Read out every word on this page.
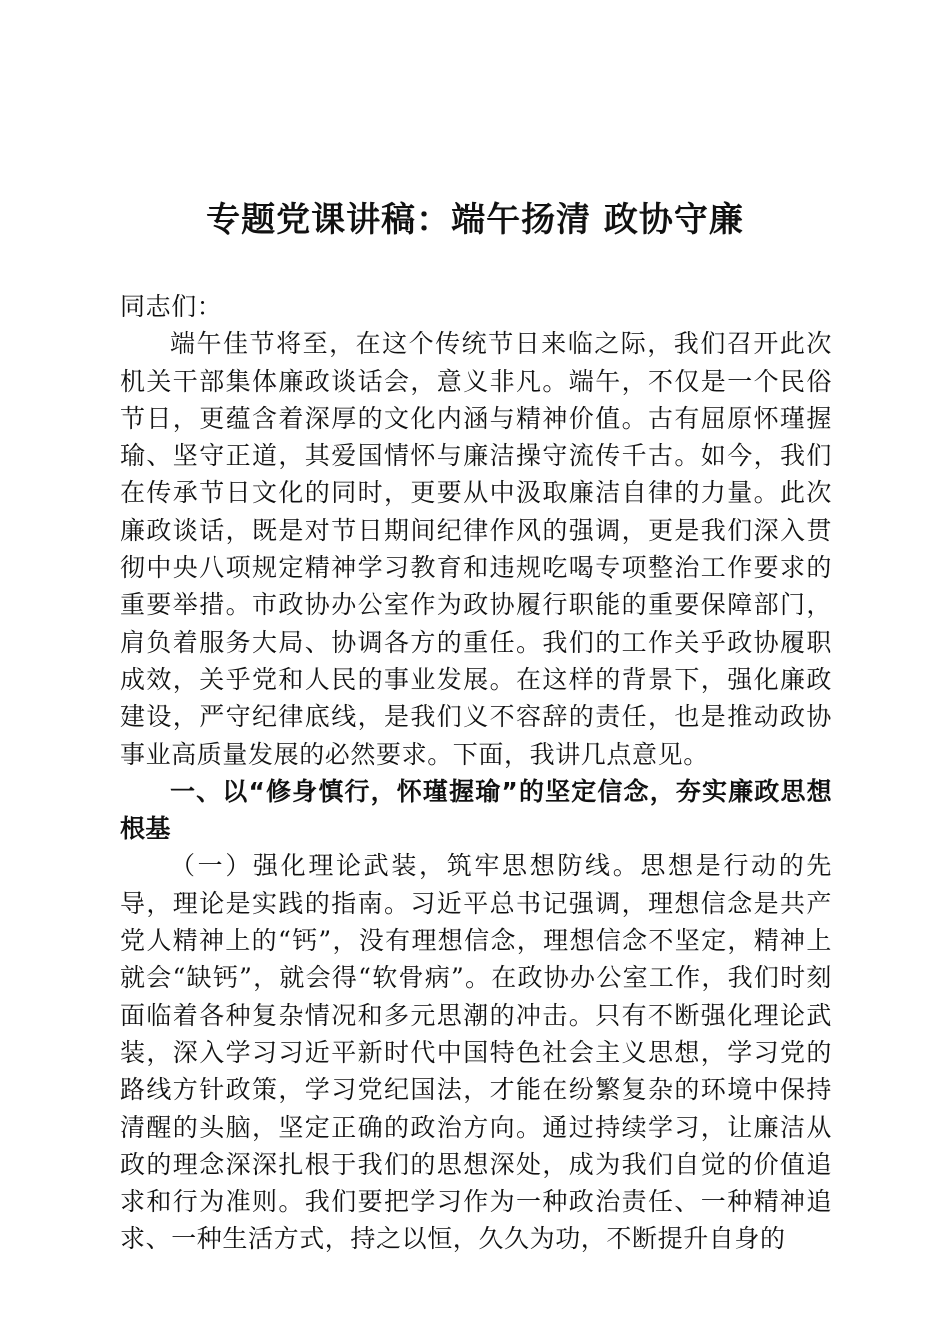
专题党课讲稿：端午扬清 政协守廉

同志们：

端午佳节将至，在这个传统节日来临之际，我们召开此次机关干部集体廉政谈话会，意义非凡。端午，不仅是一个民俗节日，更蕴含着深厚的文化内涵与精神价值。古有屈原怀瑾握瑜、坚守正道，其爱国情怀与廉洁操守流传千古。如今，我们在传承节日文化的同时，更要从中汲取廉洁自律的力量。此次廉政谈话，既是对节日期间纪律作风的强调，更是我们深入贯彻中央八项规定精神学习教育和违规吃喝专项整治工作要求的重要举措。市政协办公室作为政协履行职能的重要保障部门，肩负着服务大局、协调各方的重任。我们的工作关乎政协履职成效，关乎党和人民的事业发展。在这样的背景下，强化廉政建设，严守纪律底线，是我们义不容辞的责任，也是推动政协事业高质量发展的必然要求。下面，我讲几点意见。

一、以“修身慎行，怀瑾握瑜”的坚定信念，夯实廉政思想根基

（一）强化理论武装，筑牢思想防线。思想是行动的先导，理论是实践的指南。习近平总书记强调，理想信念是共产党人精神上的“钙”，没有理想信念，理想信念不坚定，精神上就会“缺钙”，就会得“软骨病”。在政协办公室工作，我们时刻面临着各种复杂情况和多元思潮的冲击。只有不断强化理论武装，深入学习习近平新时代中国特色社会主义思想，学习党的路线方针政策，学习党纪国法，才能在纷繁复杂的环境中保持清醒的头脑，坚定正确的政治方向。通过持续学习，让廉洁从政的理念深深扎根于我们的思想深处，成为我们自觉的价值追求和行为准则。我们要把学习作为一种政治责任、一种精神追求、一种生活方式，持之以恒，久久为功，不断提升自身的
